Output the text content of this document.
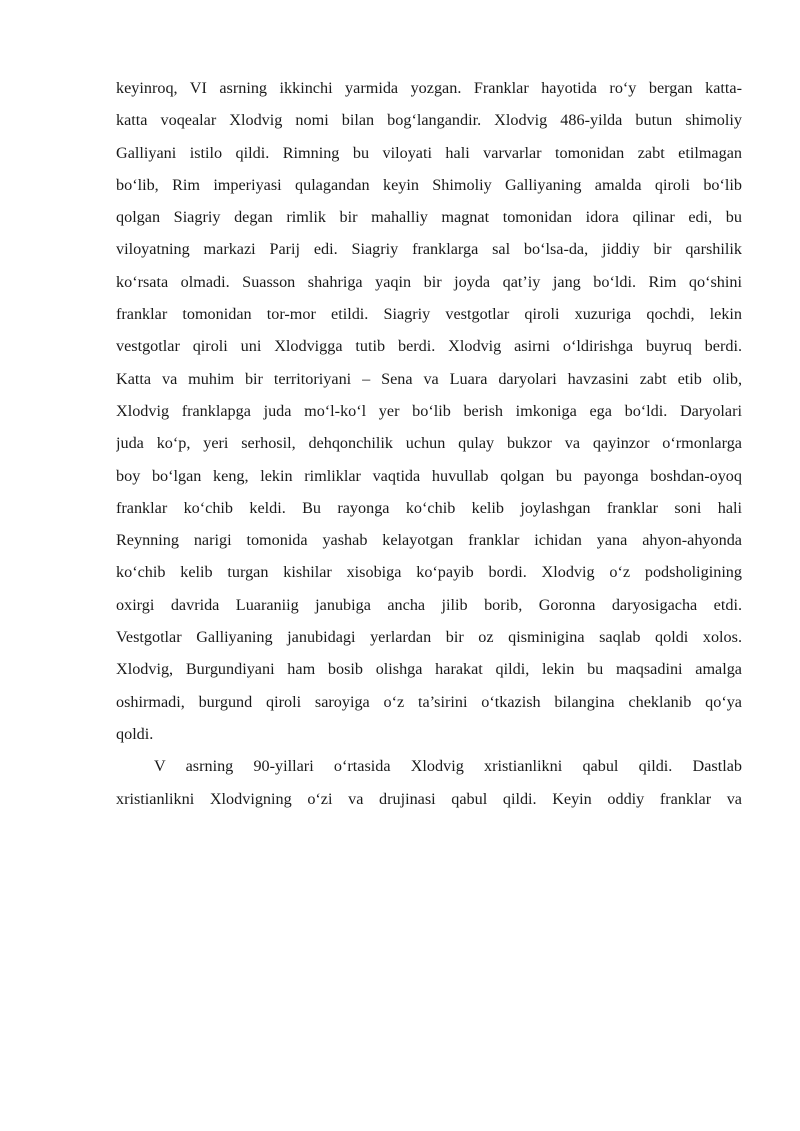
keyinroq, VI asrning ikkinchi yarmida yozgan. Franklar hayotida ro‘y bergan katta-
katta voqealar Xlodvig nomi bilan bog‘langandir. Xlodvig 486-yilda butun shimoliy
Galliyani istilo qildi. Rimning bu viloyati hali varvarlar tomonidan zabt etilmagan
bo‘lib, Rim imperiyasi qulagandan keyin Shimoliy Galliyaning amalda qiroli bo‘lib
qolgan Siagriy degan rimlik bir mahalliy magnat tomonidan idora qilinar edi, bu
viloyatning markazi Parij edi. Siagriy franklarga sal bo‘lsa-da, jiddiy bir qarshilik
ko‘rsata olmadi. Suasson shahriga yaqin bir joyda qat’iy jang bo‘ldi. Rim qo‘shini
franklar tomonidan tor-mor etildi. Siagriy vestgotlar qiroli xuzuriga qochdi, lekin
vestgotlar qiroli uni Xlodvigga tutib berdi. Xlodvig asirni o‘ldirishga buyruq berdi.
Katta va muhim bir territoriyani – Sena va Luara daryolari havzasini zabt etib olib,
Xlodvig franklapga juda mo‘l-ko‘l yer bo‘lib berish imkoniga ega bo‘ldi. Daryolari
juda ko‘p, yeri serhosil, dehqonchilik uchun qulay bukzor va qayinzor o‘rmonlarga
boy bo‘lgan keng, lekin rimliklar vaqtida huvullab qolgan bu payonga boshdan-oyoq
franklar ko‘chib keldi. Bu rayonga ko‘chib kelib joylashgan franklar soni hali
Reynning narigi tomonida yashab kelayotgan franklar ichidan yana ahyon-ahyonda
ko‘chib kelib turgan kishilar xisobiga ko‘payib bordi. Xlodvig o‘z podsholigining
oxirgi davrida Luaraniig janubiga ancha jilib borib, Goronna daryosigacha etdi.
Vestgotlar Galliyaning janubidagi yerlardan bir oz qisminigina saqlab qoldi xolos.
Xlodvig, Burgundiyani ham bosib olishga harakat qildi, lekin bu maqsadini amalga
oshirmadi, burgund qiroli saroyiga o‘z ta’sirini o‘tkazish bilangina cheklanib qo‘ya
qoldi.
V asrning 90-yillari o‘rtasida Xlodvig xristianlikni qabul qildi. Dastlab
xristianlikni Xlodvigning o‘zi va drujinasi qabul qildi. Keyin oddiy franklar va
